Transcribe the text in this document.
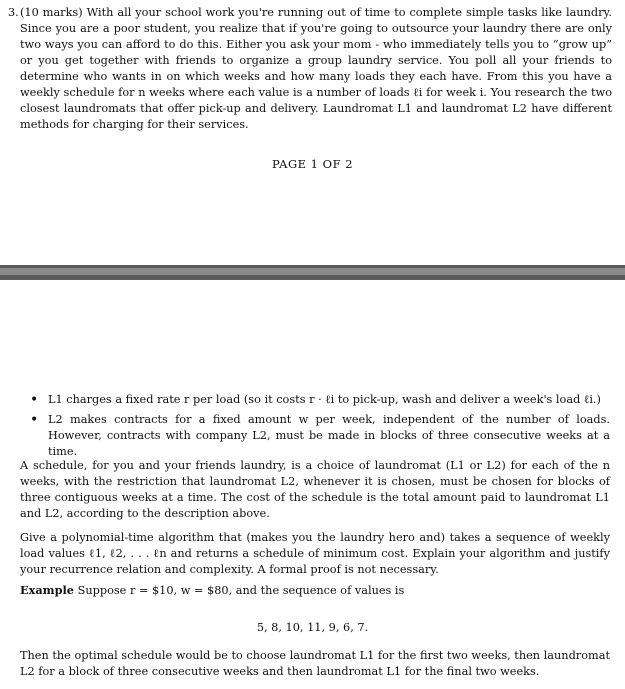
3. (10 marks) With all your school work you're running out of time to complete simple tasks like laundry. Since you are a poor student, you realize that if you're going to outsource your laundry there are only two ways you can afford to do this. Either you ask your mom - who immediately tells you to “grow up” or you get together with friends to organize a group laundry service. You poll all your friends to determine who wants in on which weeks and how many loads they each have. From this you have a weekly schedule for n weeks where each value is a number of loads ℓi for week i. You research the two closest laundromats that offer pick-up and delivery. Laundromat L1 and laundromat L2 have different methods for charging for their services.
PAGE 1 OF 2
• L1 charges a fixed rate r per load (so it costs r · ℓi to pick-up, wash and deliver a week's load ℓi.)
• L2 makes contracts for a fixed amount w per week, independent of the number of loads. However, contracts with company L2, must be made in blocks of three consecutive weeks at a time.
A schedule, for you and your friends laundry, is a choice of laundromat (L1 or L2) for each of the n weeks, with the restriction that laundromat L2, whenever it is chosen, must be chosen for blocks of three contiguous weeks at a time. The cost of the schedule is the total amount paid to laundromat L1 and L2, according to the description above.
Give a polynomial-time algorithm that (makes you the laundry hero and) takes a sequence of weekly load values ℓ1, ℓ2, . . . ℓn and returns a schedule of minimum cost. Explain your algorithm and justify your recurrence relation and complexity. A formal proof is not necessary.
Example Suppose r = $10, w = $80, and the sequence of values is
5, 8, 10, 11, 9, 6, 7.
Then the optimal schedule would be to choose laundromat L1 for the first two weeks, then laundromat L2 for a block of three consecutive weeks and then laundromat L1 for the final two weeks.
